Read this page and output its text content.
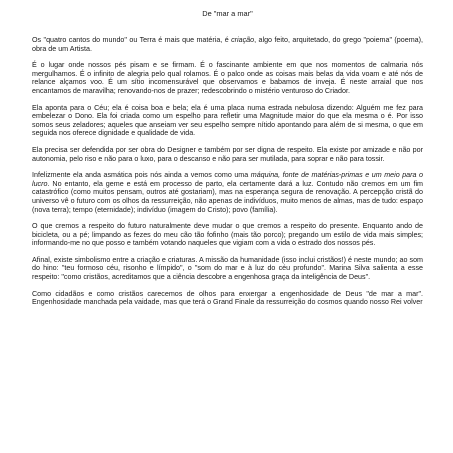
De "mar a mar"

Os "quatro cantos do mundo" ou Terra é mais que matéria, é criação, algo feito, arquitetado, do grego "poiema" (poema), obra de um Artista.

É o lugar onde nossos pés pisam e se firmam. É o fascinante ambiente em que nos momentos de calmaria nós mergulhamos. É o infinito de alegria pelo qual rolamos. É o palco onde as coisas mais belas da vida voam e até nós de relance alçamos voo. É um sítio incomensurável que observamos e babamos de inveja. É neste arraial que nos encantamos de maravilha; renovando-nos de prazer; redescobrindo o mistério venturoso do Criador.

Ela aponta para o Céu; ela é coisa boa e bela; ela é uma placa numa estrada nebulosa dizendo: Alguém me fez para embelezar o Dono. Ela foi criada como um espelho para refletir uma Magnitude maior do que ela mesma o é. Por isso somos seus zeladores; aqueles que anseiam ver seu espelho sempre nítido apontando para além de si mesma, o que em seguida nos oferece dignidade e qualidade de vida.

Ela precisa ser defendida por ser obra do Designer e também por ser digna de respeito. Ela existe por amizade e não por autonomia, pelo riso e não para o luxo, para o descanso e não para ser mutilada, para soprar e não para tossir.

Infelizmente ela anda asmática pois nós ainda a vemos como uma máquina, fonte de matérias-primas e um meio para o lucro. No entanto, ela geme e está em processo de parto, ela certamente dará a luz. Contudo não cremos em um fim catastrófico (como muitos pensam, outros até gostariam), mas na esperança segura de renovação. A percepção cristã do universo vê o futuro com os olhos da ressurreição, não apenas de indivíduos, muito menos de almas, mas de tudo: espaço (nova terra); tempo (eternidade); indivíduo (imagem do Cristo); povo (família).

O que cremos a respeito do futuro naturalmente deve mudar o que cremos a respeito do presente. Enquanto ando de bicicleta, ou a pé; limpando as fezes do meu cão tão fofinho (mais tão porco); pregando um estilo de vida mais simples; informando-me no que posso e também votando naqueles que vigiam com a vida o estrado dos nossos pés.

Afinal, existe simbolismo entre a criação e criaturas. A missão da humanidade (isso inclui cristãos!) é neste mundo; ao som do hino: "teu formoso céu, risonho e límpido", o "som do mar e à luz do céu profundo". Marina Silva salienta a esse respeito: "como cristãos, acreditamos que a ciência descobre a engenhosa graça da inteligência de Deus".

Como cidadãos e como cristãos carecemos de olhos para enxergar a engenhosidade de Deus "de mar a mar". Engenhosidade manchada pela vaidade, mas que terá o Grand Finale da ressurreição do cosmos quando nosso Rei volver
